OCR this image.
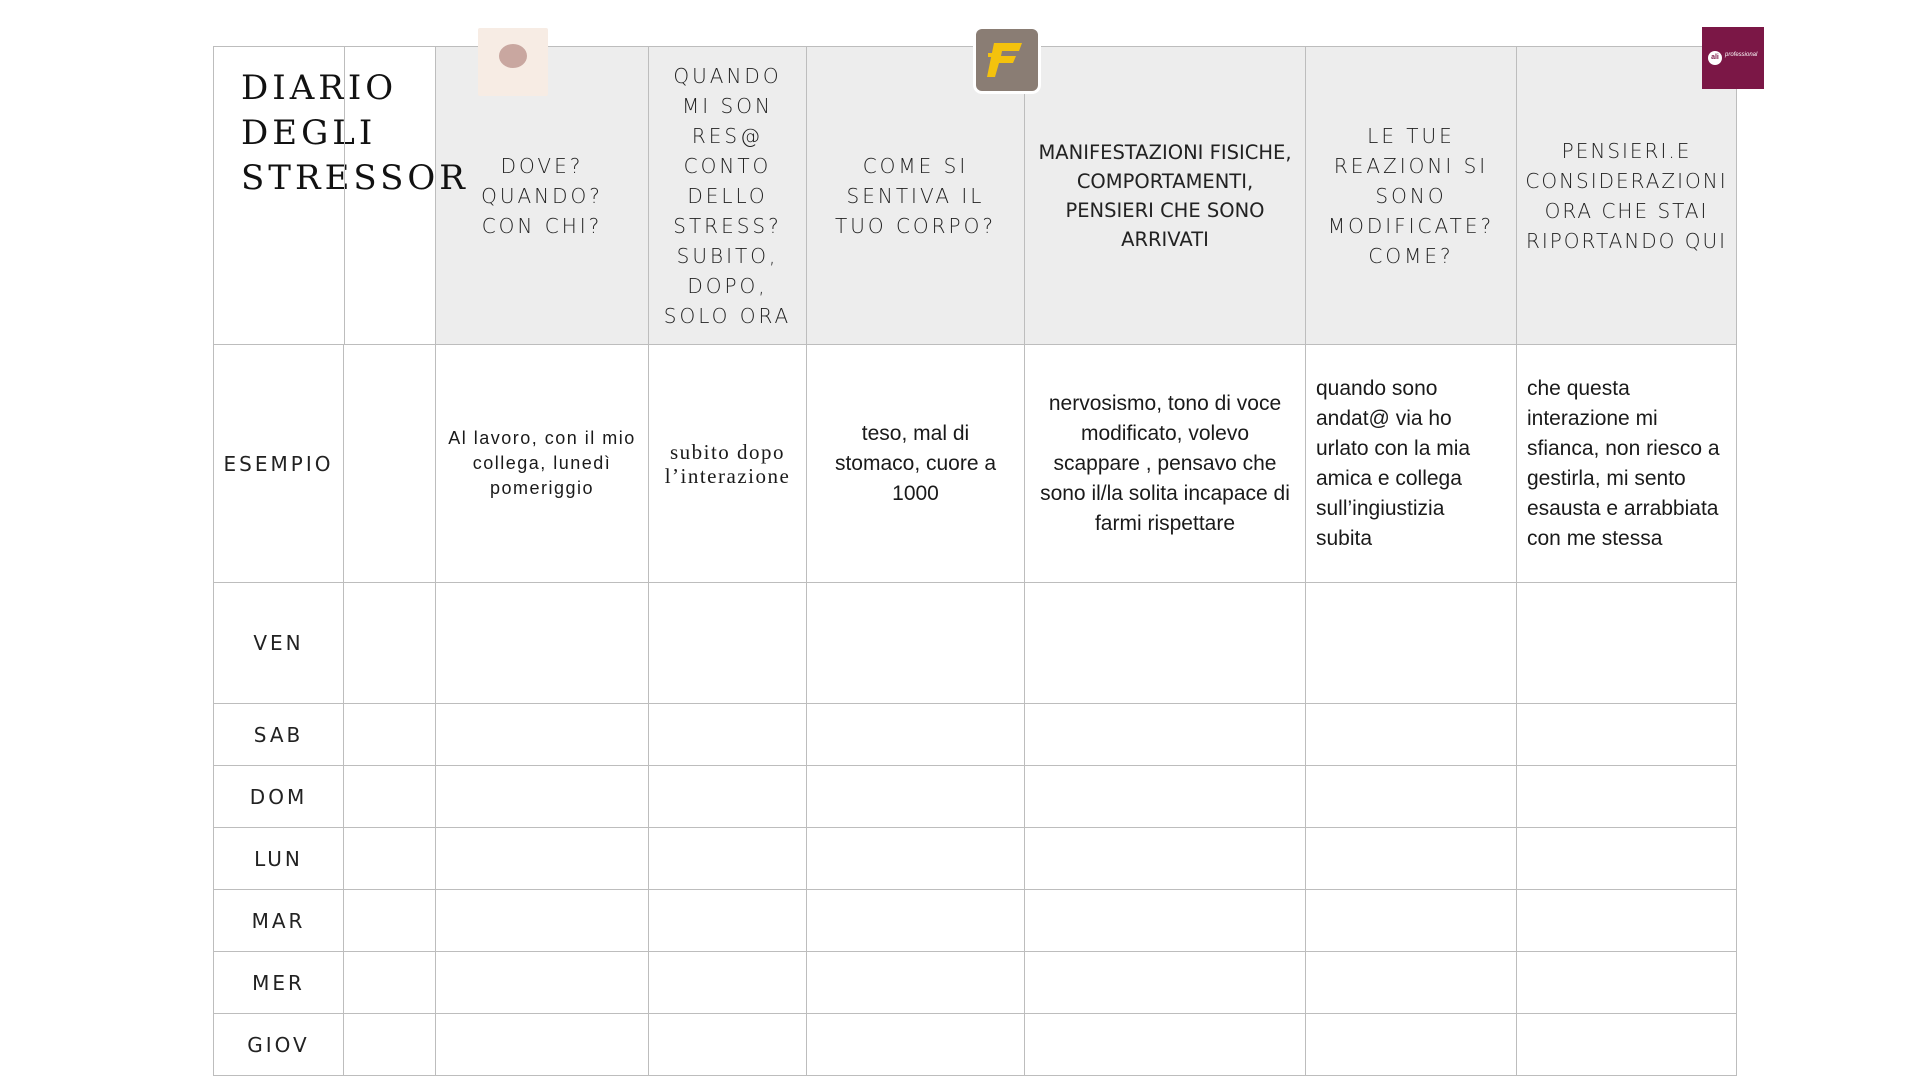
DIARIO
DEGLI
STRESSOR		DOVE? QUANDO? CON CHI?	QUANDO MI SON RES@ CONTO DELLO STRESS? SUBITO, DOPO, SOLO ORA	COME SI SENTIVA IL TUO CORPO?	MANIFESTAZIONI FISICHE, COMPORTAMENTI, PENSIERI CHE SONO ARRIVATI	LE TUE REAZIONI SI SONO MODIFICATE? COME?	PENSIERI.E CONSIDERAZIONI ORA CHE STAI RIPORTANDO QUI

ESEMPIO		Al lavoro, con il mio collega, lunedì pomeriggio	subito dopo l’interazione	teso, mal di stomaco, cuore a 1000	nervosismo, tono di voce modificato, volevo scappare , pensavo che sono il/la solita incapace di farmi rispettare	quando sono andat@ via ho urlato con la mia amica e collega sull’ingiustizia subita	che questa interazione mi sfianca, non riesco a gestirla, mi sento esausta e arrabbiata con me stessa

VEN							
SAB							
DOM							
LUN							
MAR							
MER							
GIOV							
ali	professional
